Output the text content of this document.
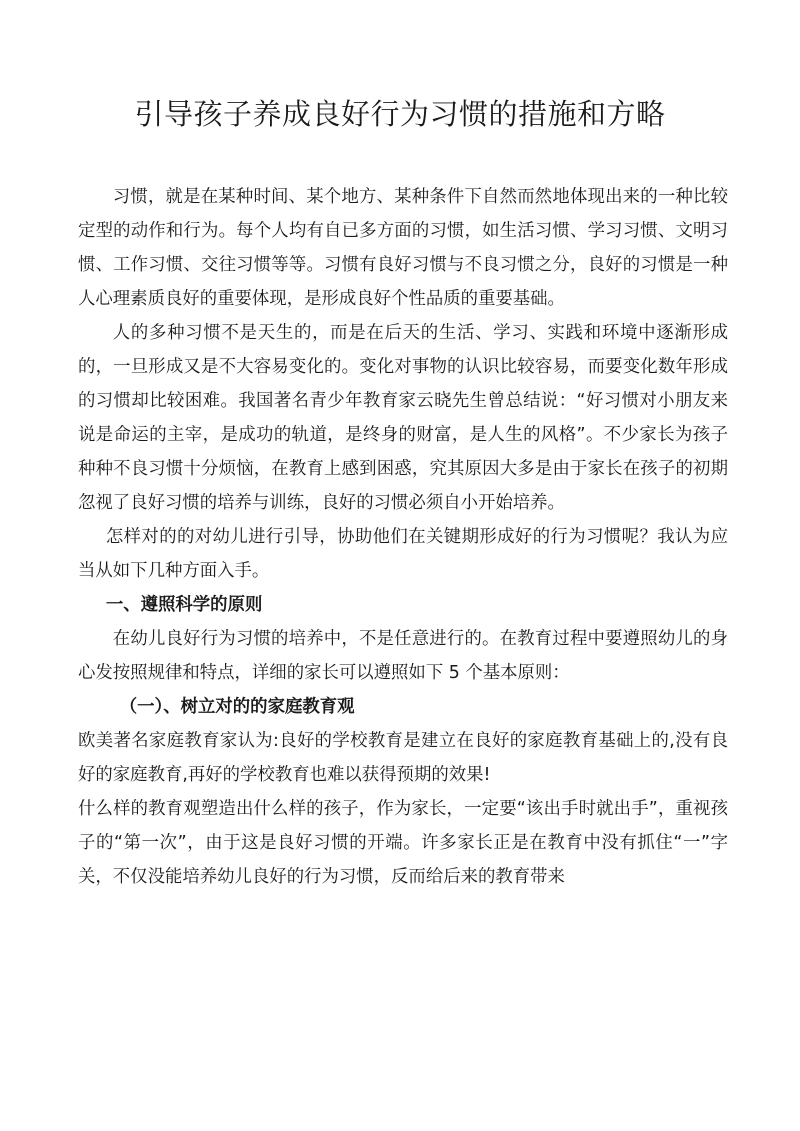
引导孩子养成良好行为习惯的措施和方略

习惯，就是在某种时间、某个地方、某种条件下自然而然地体现出来的一种比较定型的动作和行为。每个人均有自已多方面的习惯，如生活习惯、学习习惯、文明习惯、工作习惯、交往习惯等等。习惯有良好习惯与不良习惯之分，良好的习惯是一种人心理素质良好的重要体现，是形成良好个性品质的重要基础。

人的多种习惯不是天生的，而是在后天的生活、学习、实践和环境中逐渐形成的，一旦形成又是不大容易变化的。变化对事物的认识比较容易，而要变化数年形成的习惯却比较困难。我国著名青少年教育家云晓先生曾总结说：“好习惯对小朋友来说是命运的主宰，是成功的轨道，是终身的财富，是人生的风格”。不少家长为孩子种种不良习惯十分烦恼，在教育上感到困惑，究其原因大多是由于家长在孩子的初期忽视了良好习惯的培养与训练，良好的习惯必须自小开始培养。

怎样对的的对幼儿进行引导，协助他们在关键期形成好的行为习惯呢？我认为应当从如下几种方面入手。

一、遵照科学的原则

在幼儿良好行为习惯的培养中，不是任意进行的。在教育过程中要遵照幼儿的身心发按照规律和特点，详细的家长可以遵照如下 5 个基本原则：

（一）、树立对的的家庭教育观

欧美著名家庭教育家认为:良好的学校教育是建立在良好的家庭教育基础上的,没有良好的家庭教育,再好的学校教育也难以获得预期的效果!

什么样的教育观塑造出什么样的孩子，作为家长，一定要“该出手时就出手”，重视孩子的“第一次”，由于这是良好习惯的开端。许多家长正是在教育中没有抓住“一”字关，不仅没能培养幼儿良好的行为习惯，反而给后来的教育带来
